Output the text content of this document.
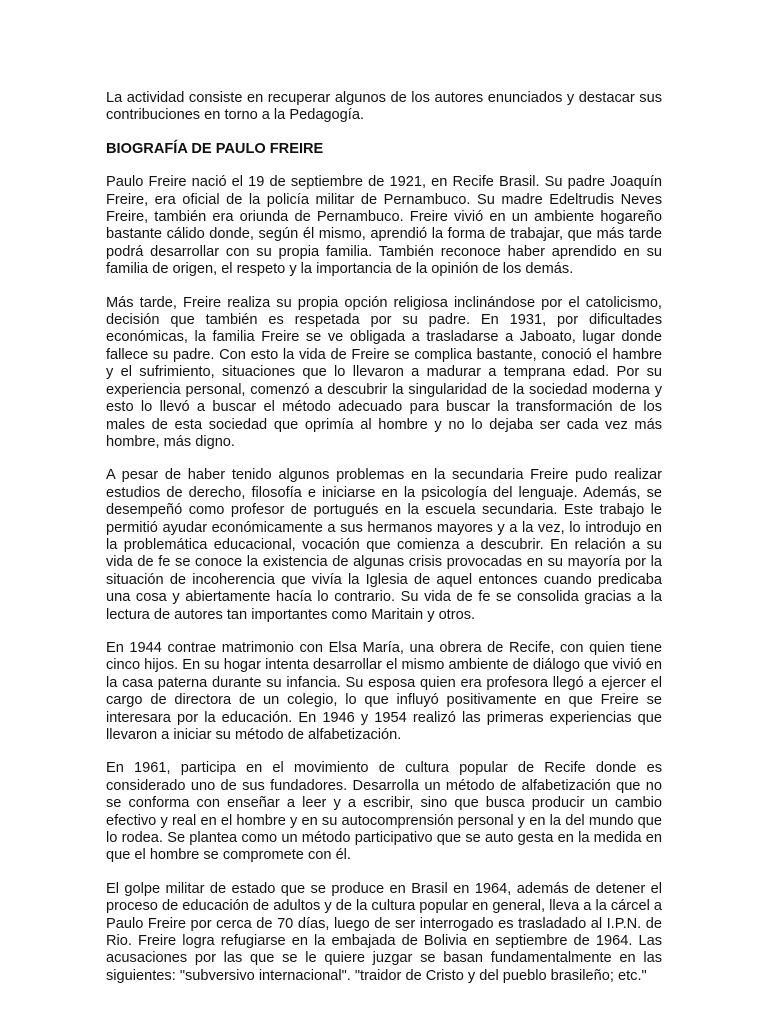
La actividad consiste en recuperar algunos de los autores enunciados y destacar sus contribuciones en torno a la Pedagogía.

BIOGRAFÍA DE PAULO FREIRE

Paulo Freire nació el 19 de septiembre de 1921, en Recife Brasil. Su padre Joaquín Freire, era oficial de la policía militar de Pernambuco. Su madre Edeltrudis Neves Freire, también era oriunda de Pernambuco. Freire vivió en un ambiente hogareño bastante cálido donde, según él mismo, aprendió la forma de trabajar, que más tarde podrá desarrollar con su propia familia. También reconoce haber aprendido en su familia de origen, el respeto y la importancia de la opinión de los demás.

Más tarde, Freire realiza su propia opción religiosa inclinándose por el catolicismo, decisión que también es respetada por su padre. En 1931, por dificultades económicas, la familia Freire se ve obligada a trasladarse a Jaboato, lugar donde fallece su padre. Con esto la vida de Freire se complica bastante, conoció el hambre y el sufrimiento, situaciones que lo llevaron a madurar a temprana edad. Por su experiencia personal, comenzó a descubrir la singularidad de la sociedad moderna y esto lo llevó a buscar el método adecuado para buscar la transformación de los males de esta sociedad que oprimía al hombre y no lo dejaba ser cada vez más hombre, más digno.

A pesar de haber tenido algunos problemas en la secundaria Freire pudo realizar estudios de derecho, filosofía e iniciarse en la psicología del lenguaje. Además, se desempeñó como profesor de portugués en la escuela secundaria. Este trabajo le permitió ayudar económicamente a sus hermanos mayores y a la vez, lo introdujo en la problemática educacional, vocación que comienza a descubrir. En relación a su vida de fe se conoce la existencia de algunas crisis provocadas en su mayoría por la situación de incoherencia que vivía la Iglesia de aquel entonces cuando predicaba una cosa y abiertamente hacía lo contrario. Su vida de fe se consolida gracias a la lectura de autores tan importantes como Maritain y otros.

En 1944 contrae matrimonio con Elsa María, una obrera de Recife, con quien tiene cinco hijos. En su hogar intenta desarrollar el mismo ambiente de diálogo que vivió en la casa paterna durante su infancia. Su esposa quien era profesora llegó a ejercer el cargo de directora de un colegio, lo que influyó positivamente en que Freire se interesara por la educación. En 1946 y 1954 realizó las primeras experiencias que llevaron a iniciar su método de alfabetización.

En 1961, participa en el movimiento de cultura popular de Recife donde es considerado uno de sus fundadores. Desarrolla un método de alfabetización que no se conforma con enseñar a leer y a escribir, sino que busca producir un cambio efectivo y real en el hombre y en su autocomprensión personal y en la del mundo que lo rodea. Se plantea como un método participativo que se auto gesta en la medida en que el hombre se compromete con él.

El golpe militar de estado que se produce en Brasil en 1964, además de detener el proceso de educación de adultos y de la cultura popular en general, lleva a la cárcel a Paulo Freire por cerca de 70 días, luego de ser interrogado es trasladado al I.P.N. de Rio. Freire logra refugiarse en la embajada de Bolivia en septiembre de 1964. Las acusaciones por las que se le quiere juzgar se basan fundamentalmente en las siguientes: "subversivo internacional". "traidor de Cristo y del pueblo brasileño; etc."
